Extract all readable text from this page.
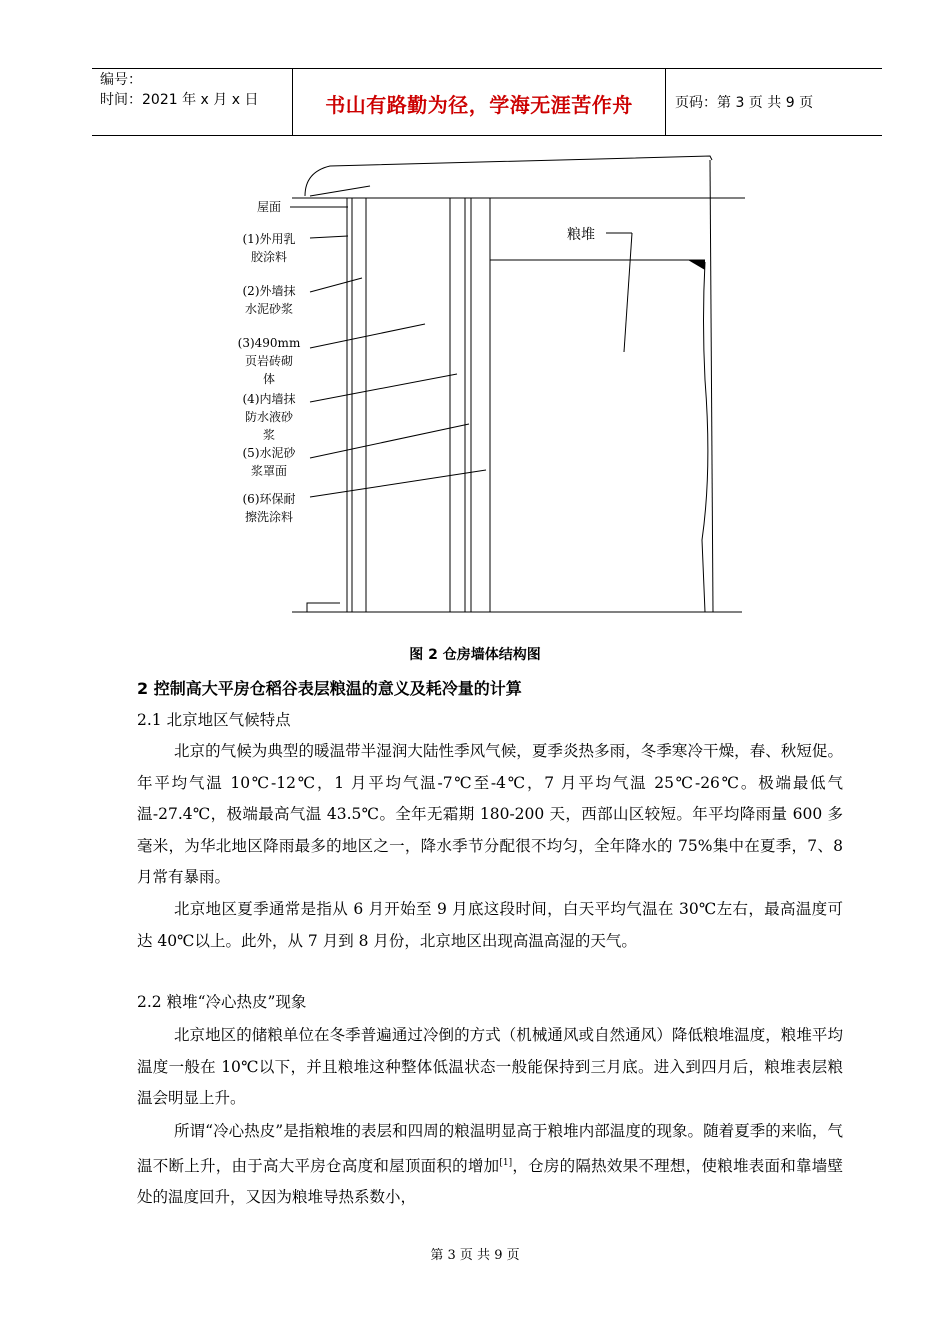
编号：
时间：2021 年 x 月 x 日	书山有路勤为径，学海无涯苦作舟	页码：第 3 页 共 9 页
屋面
(1)外用乳
胶涂料
(2)外墙抹
水泥砂浆
(3)490mm
页岩砖砌
体
(4)内墙抹
防水液砂
浆
(5)水泥砂
浆罩面
(6)环保耐
擦洗涂料
粮堆
图 2 仓房墙体结构图
2 控制高大平房仓稻谷表层粮温的意义及耗冷量的计算
2.1 北京地区气候特点
北京的气候为典型的暖温带半湿润大陆性季风气候，夏季炎热多雨，冬季寒冷干燥，春、秋短促。年平均气温 10℃-12℃，1 月平均气温-7℃至-4℃，7 月平均气温 25℃-26℃。极端最低气温-27.4℃，极端最高气温 43.5℃。全年无霜期 180-200 天，西部山区较短。年平均降雨量 600 多毫米，为华北地区降雨最多的地区之一，降水季节分配很不均匀，全年降水的 75%集中在夏季，7、8 月常有暴雨。
北京地区夏季通常是指从 6 月开始至 9 月底这段时间，白天平均气温在 30℃左右，最高温度可达 40℃以上。此外，从 7 月到 8 月份，北京地区出现高温高湿的天气。
2.2 粮堆“冷心热皮”现象
北京地区的储粮单位在冬季普遍通过冷倒的方式（机械通风或自然通风）降低粮堆温度，粮堆平均温度一般在 10℃以下，并且粮堆这种整体低温状态一般能保持到三月底。进入到四月后，粮堆表层粮温会明显上升。
所谓“冷心热皮”是指粮堆的表层和四周的粮温明显高于粮堆内部温度的现象。随着夏季的来临，气温不断上升，由于高大平房仓高度和屋顶面积的增加[1]，仓房的隔热效果不理想，使粮堆表面和靠墙壁处的温度回升，又因为粮堆导热系数小，
第 3 页 共 9 页
